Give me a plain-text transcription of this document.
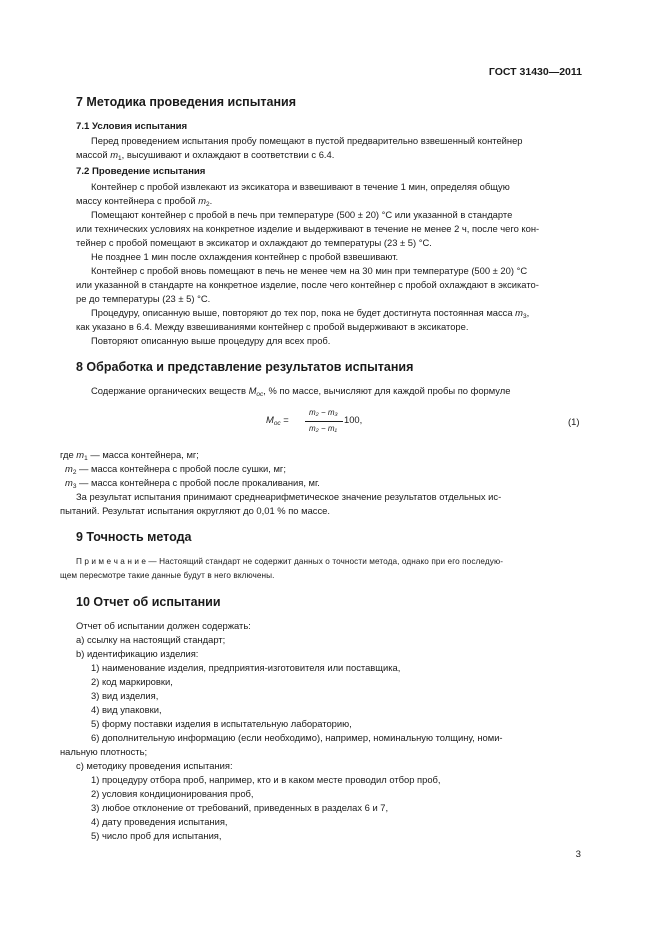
ГОСТ 31430—2011
7 Методика проведения испытания
7.1 Условия испытания
Перед проведением испытания пробу помещают в пустой предварительно взвешенный контейнер
массой $m_1$, высушивают и охлаждают в соответствии с 6.4.
7.2 Проведение испытания
Контейнер с пробой извлекают из эксикатора и взвешивают в течение 1 мин, определяя общую
массу контейнера с пробой $m_2$.
Помещают контейнер с пробой в печь при температуре (500 ± 20) °С или указанной в стандарте
или технических условиях на конкретное изделие и выдерживают в течение не менее 2 ч, после чего кон-
тейнер с пробой помещают в эксикатор и охлаждают до температуры (23 ± 5) °С.
Не позднее 1 мин после охлаждения контейнер с пробой взвешивают.
Контейнер с пробой вновь помещают в печь не менее чем на 30 мин при температуре (500 ± 20) °С
или указанной в стандарте на конкретное изделие, после чего контейнер с пробой охлаждают в эксикато-
ре до температуры (23 ± 5) °С.
Процедуру, описанную выше, повторяют до тех пор, пока не будет достигнута постоянная масса $m_3$,
как указано в 6.4. Между взвешиваниями контейнер с пробой выдерживают в эксикаторе.
Повторяют описанную выше процедуру для всех проб.
8 Обработка и представление результатов испытания
Содержание органических веществ $M_{oc}$, % по массе, вычисляют для каждой пробы по формуле
$M_{oc}$ =
m₂ − m₃
m₂ − m₁
100,	(1)
где $m_1$ — масса контейнера, мг;
$m_2$ — масса контейнера с пробой после сушки, мг;
$m_3$ — масса контейнера с пробой после прокаливания, мг.
За результат испытания принимают среднеарифметическое значение результатов отдельных ис-
пытаний. Результат испытания округляют до 0,01 % по массе.
9 Точность метода
П р и м е ч а н и е — Настоящий стандарт не содержит данных о точности метода, однако при его последую-
щем пересмотре такие данные будут в него включены.
10 Отчет об испытании
Отчет об испытании должен содержать:
a) ссылку на настоящий стандарт;
b) идентификацию изделия:
1) наименование изделия, предприятия-изготовителя или поставщика,
2) код маркировки,
3) вид изделия,
4) вид упаковки,
5) форму поставки изделия в испытательную лабораторию,
6) дополнительную информацию (если необходимо), например, номинальную толщину, номи-
нальную плотность;
c) методику проведения испытания:
1) процедуру отбора проб, например, кто и в каком месте проводил отбор проб,
2) условия кондиционирования проб,
3) любое отклонение от требований, приведенных в разделах 6 и 7,
4) дату проведения испытания,
5) число проб для испытания,
3
